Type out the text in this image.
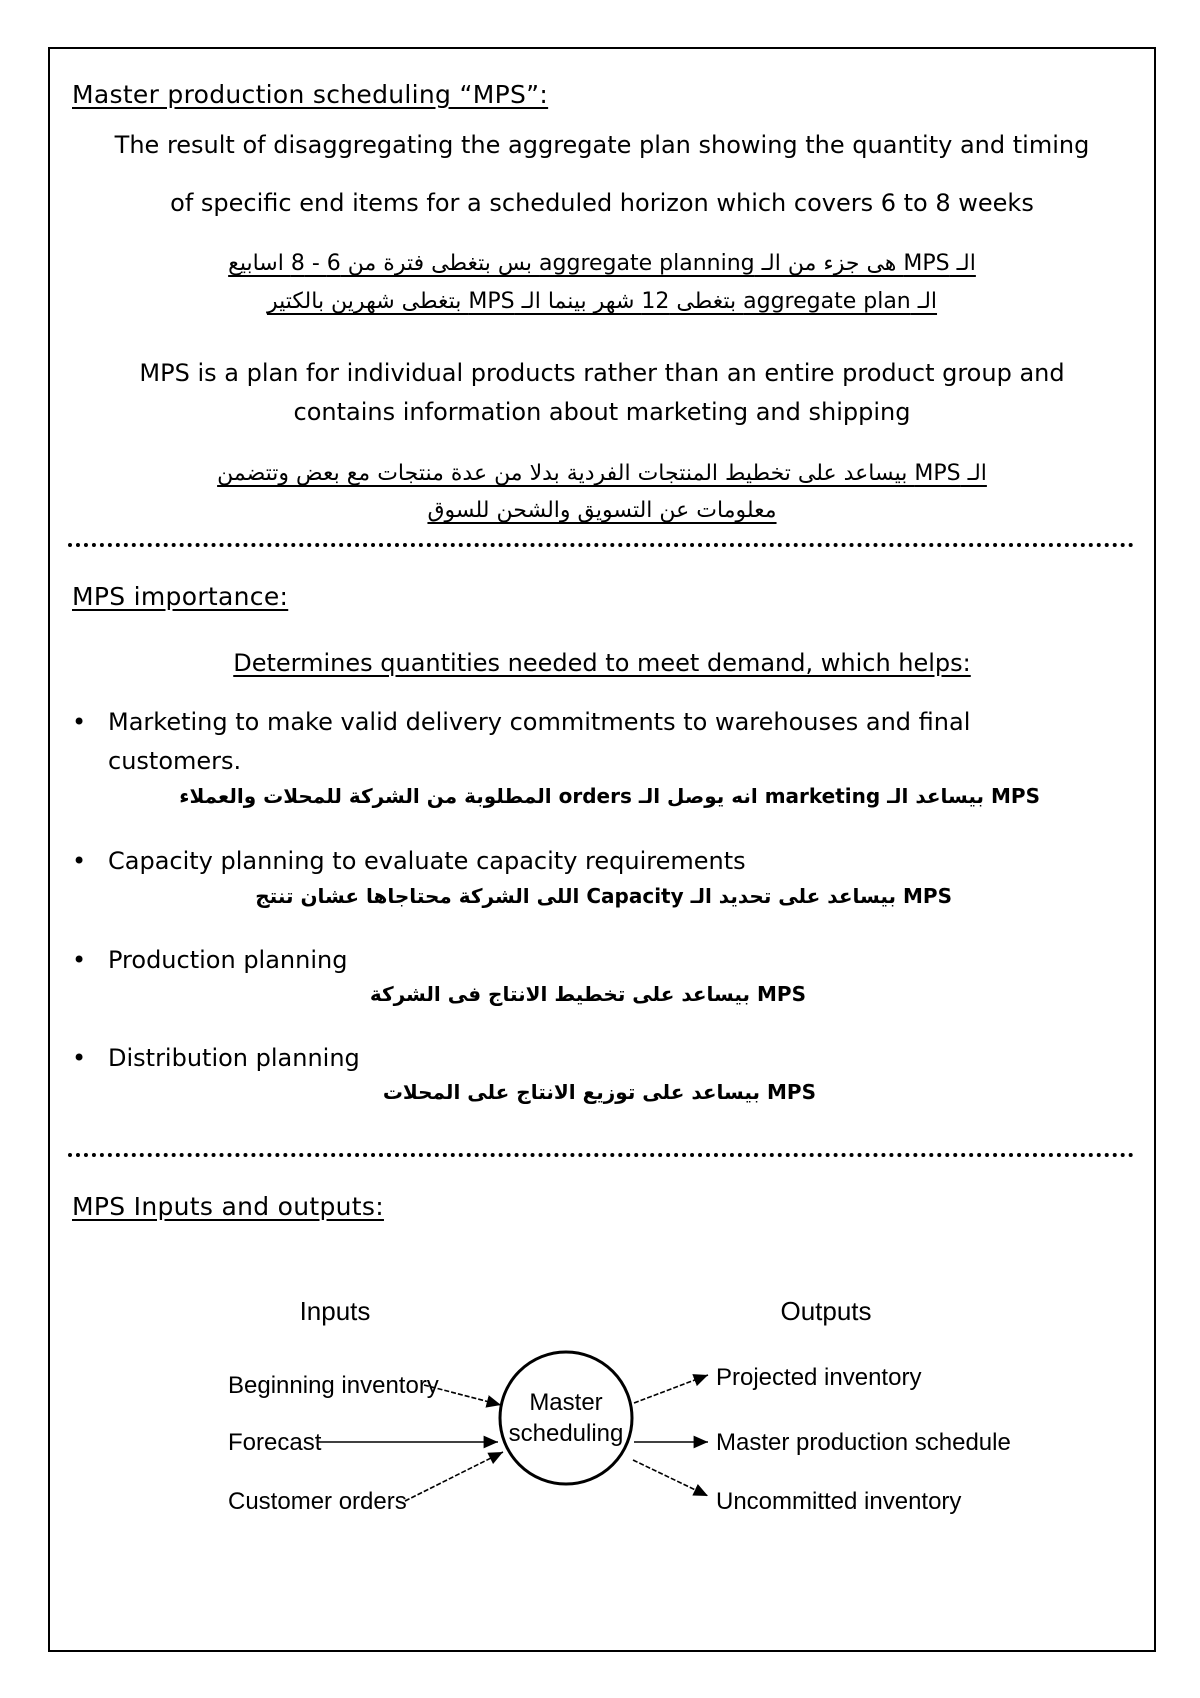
Master production scheduling “MPS”:
The result of disaggregating the aggregate plan showing the quantity and timing
of specific end items for a scheduled horizon which covers 6 to 8 weeks
الـ MPS هى جزء من الـ aggregate planning بس بتغطى فترة من 6 - 8 اسابيع
الـ aggregate plan بتغطى 12 شهر بينما الـ MPS بتغطى شهرين بالكتير
MPS is a plan for individual products rather than an entire product group and
contains information about marketing and shipping
الـ MPS بيساعد على تخطيط المنتجات الفردية بدلا من عدة منتجات مع بعض وتتضمن
معلومات عن التسويق والشحن للسوق
MPS importance:
Determines quantities needed to meet demand, which helps:
• Marketing to make valid delivery commitments to warehouses and final
customers.
MPS بيساعد الـ marketing انه يوصل الـ orders المطلوبة من الشركة للمحلات والعملاء
• Capacity planning to evaluate capacity requirements
MPS بيساعد على تحديد الـ Capacity اللى الشركة محتاجاها عشان تنتج
• Production planning
MPS بيساعد على تخطيط الانتاج فى الشركة
• Distribution planning
MPS بيساعد على توزيع الانتاج على المحلات
MPS Inputs and outputs:
Inputs	Outputs
Master
scheduling
Beginning inventory
Forecast
Customer orders
Projected inventory
Master production schedule
Uncommitted inventory
